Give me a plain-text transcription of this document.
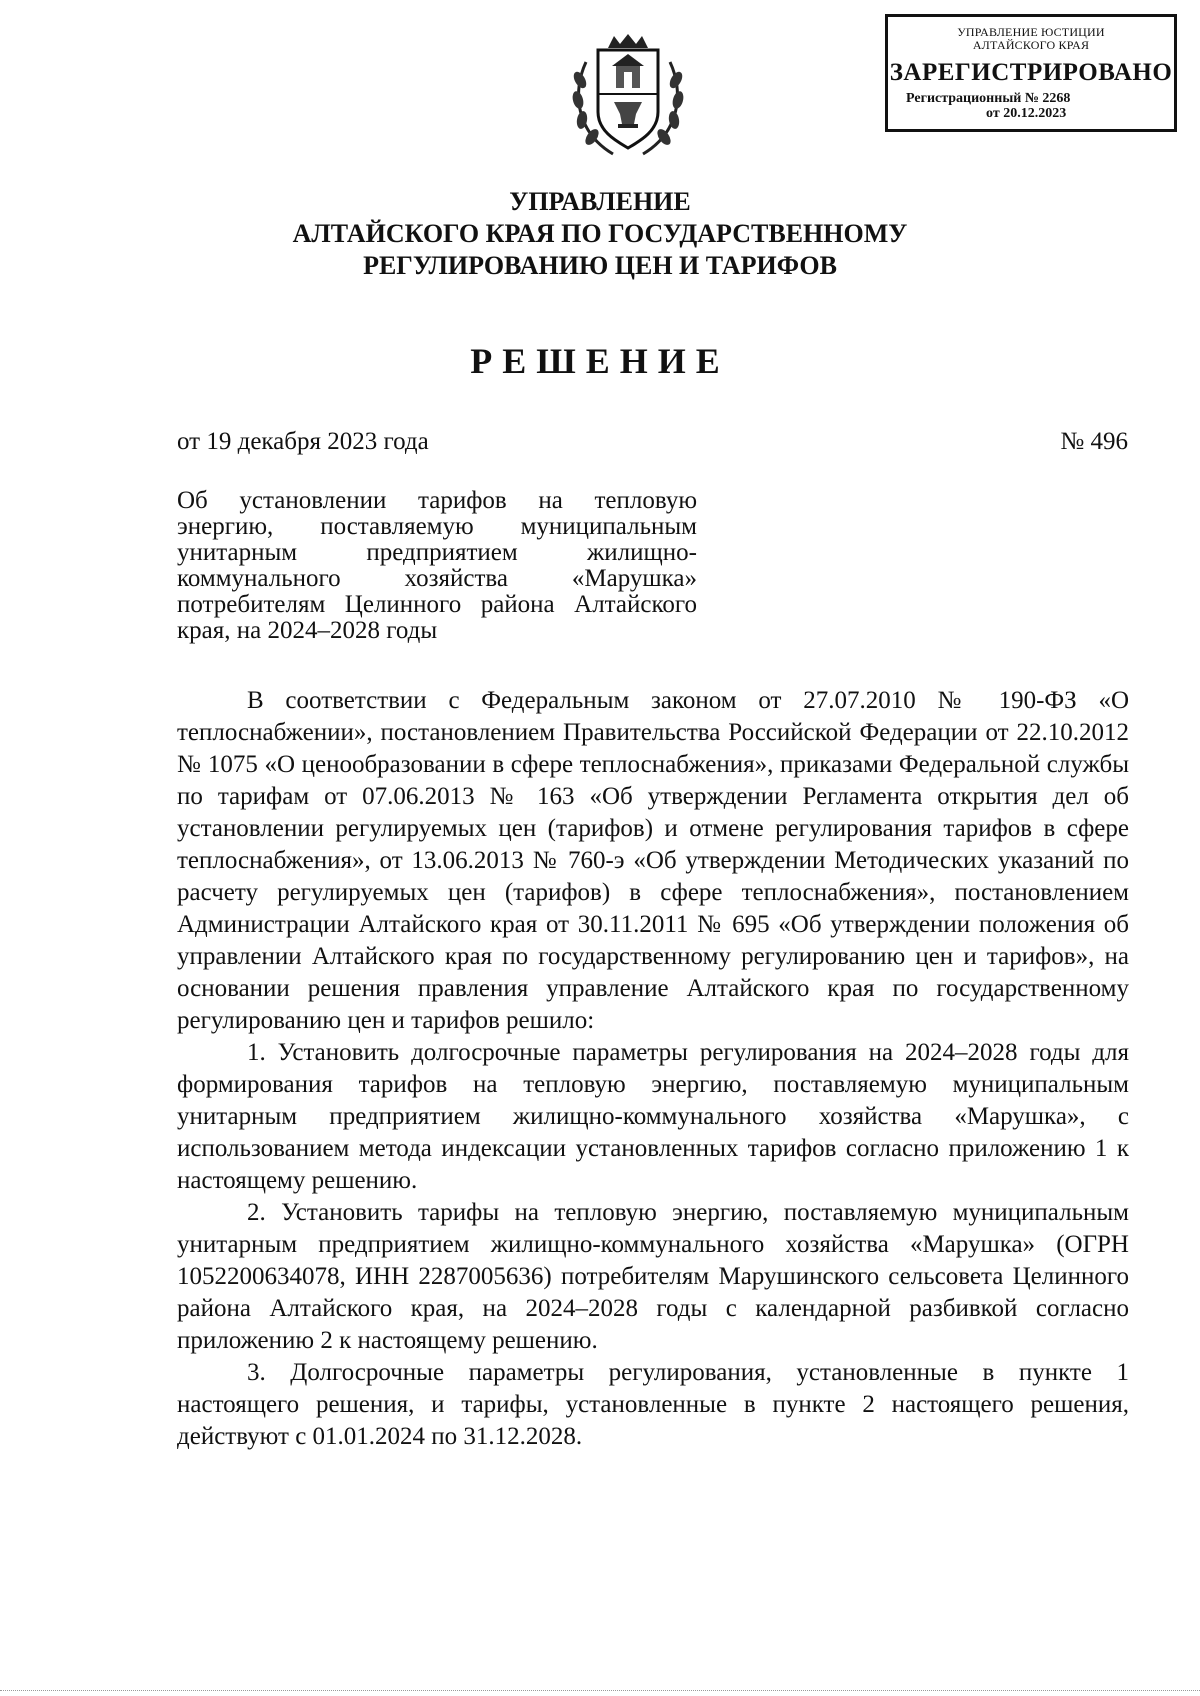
УПРАВЛЕНИЕ ЮСТИЦИИ
АЛТАЙСКОГО КРАЯ
ЗАРЕГИСТРИРОВАНО
Регистрационный № 2268
от 20.12.2023
УПРАВЛЕНИЕ
АЛТАЙСКОГО КРАЯ ПО ГОСУДАРСТВЕННОМУ
РЕГУЛИРОВАНИЮ ЦЕН И ТАРИФОВ
РЕШЕНИЕ
от 19 декабря 2023 года	№ 496
Об установлении тарифов на тепловую энергию, поставляемую муниципальным унитарным предприятием жилищно-коммунального хозяйства «Марушка» потребителям Целинного района Алтайского края, на 2024–2028 годы

В соответствии с Федеральным законом от 27.07.2010 № 190-ФЗ «О теплоснабжении», постановлением Правительства Российской Федерации от 22.10.2012 № 1075 «О ценообразовании в сфере теплоснабжения», приказами Федеральной службы по тарифам от 07.06.2013 № 163 «Об утверждении Регламента открытия дел об установлении регулируемых цен (тарифов) и отмене регулирования тарифов в сфере теплоснабжения», от 13.06.2013 № 760-э «Об утверждении Методических указаний по расчету регулируемых цен (тарифов) в сфере теплоснабжения», постановлением Администрации Алтайского края от 30.11.2011 № 695 «Об утверждении положения об управлении Алтайского края по государственному регулированию цен и тарифов», на основании решения правления управление Алтайского края по государственному регулированию цен и тарифов решило:

1. Установить долгосрочные параметры регулирования на 2024–2028 годы для формирования тарифов на тепловую энергию, поставляемую муниципальным унитарным предприятием жилищно-коммунального хозяйства «Марушка», с использованием метода индексации установленных тарифов согласно приложению 1 к настоящему решению.

2. Установить тарифы на тепловую энергию, поставляемую муниципальным унитарным предприятием жилищно-коммунального хозяйства «Марушка» (ОГРН 1052200634078, ИНН 2287005636) потребителям Марушинского сельсовета Целинного района Алтайского края, на 2024–2028 годы с календарной разбивкой согласно приложению 2 к настоящему решению.

3. Долгосрочные параметры регулирования, установленные в пункте 1 настоящего решения, и тарифы, установленные в пункте 2 настоящего решения, действуют с 01.01.2024 по 31.12.2028.
